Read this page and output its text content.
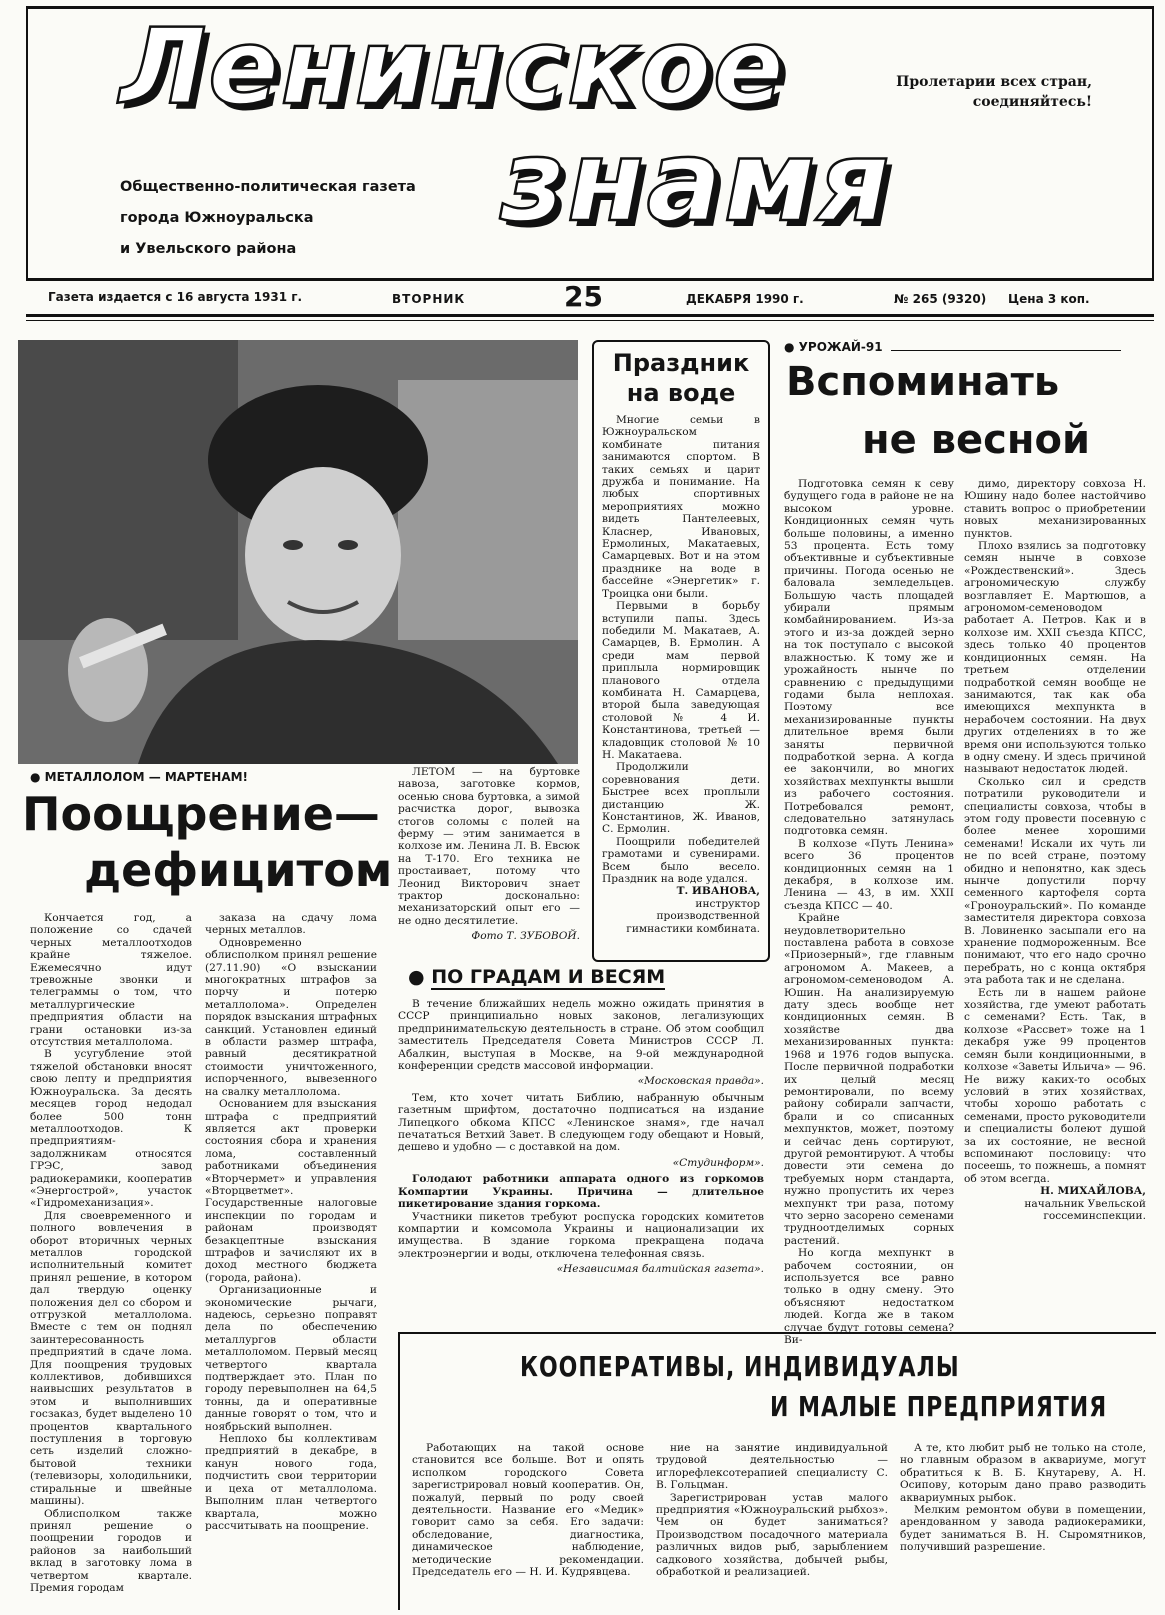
Ленинское
знамя
Пролетарии всех стран,
соединяйтесь!
Общественно-политическая газета
города Южноуральска
и Увельского района
Газета издается с 16 августа 1931 г.	ВТОРНИК	25	ДЕКАБРЯ 1990 г.	№ 265 (9320) Цена 3 коп.
● МЕТАЛЛОЛОМ — МАРТЕНАМ!
Поощрение—
дефицитом

Кончается год, а положение со сдачей черных металлоотходов крайне тяжелое. Ежемесячно идут тревожные звонки и телеграммы о том, что металлургические предприятия области на грани остановки из-за отсутствия металлолома.

В усугубление этой тяжелой обстановки вносят свою лепту и предприятия Южноуральска. За десять месяцев город недодал более 500 тонн металлоотходов. К предприятиям-задолжникам относятся ГРЭС, завод радиокерамики, кооператив «Энергострой», участок «Гидромеханизация».

Для своевременного и полного вовлечения в оборот вторичных черных металлов городской исполнительный комитет принял решение, в котором дал твердую оценку положения дел со сбором и отгрузкой металлолома. Вместе с тем он поднял заинтересованность предприятий в сдаче лома. Для поощрения трудовых коллективов, добившихся наивысших результатов в этом и выполнивших госзаказ, будет выделено 10 процентов квартального поступления в торговую сеть изделий сложно-бытовой техники (телевизоры, холодильники, стиральные и швейные машины).

Облисполком также принял решение о поощрении городов и районов за наибольший вклад в заготовку лома в четвертом квартале. Премия городам

заказа на сдачу лома черных металлов.

Одновременно облисполком принял решение (27.11.90) «О взыскании многократных штрафов за порчу и потерю металлолома». Определен порядок взыскания штрафных санкций. Установлен единый в области размер штрафа, равный десятикратной стоимости уничтоженного, испорченного, вывезенного на свалку металлолома.

Основанием для взыскания штрафа с предприятий является акт проверки состояния сбора и хранения лома, составленный работниками объединения «Вторчермет» и управления «Вторцветмет». Государственные налоговые инспекции по городам и районам производят безакцептные взыскания штрафов и зачисляют их в доход местного бюджета (города, района).

Организационные и экономические рычаги, надеюсь, серьезно поправят дела по обеспечению металлургов области металлоломом. Первый месяц четвертого квартала подтверждает это. План по городу перевыполнен на 64,5 тонны, да и оперативные данные говорят о том, что и ноябрьский выполнен.

Неплохо бы коллективам предприятий в декабре, в канун нового года, подчистить свои территории и цеха от металлолома. Выполним план четвертого квартала, можно рассчитывать на поощрение.

ЛЕТОМ — на буртовке навоза, заготовке кормов, осенью снова буртовка, а зимой расчистка дорог, вывозка стогов соломы с полей на ферму — этим занимается в колхозе им. Ленина Л. В. Евсюк на Т-170. Его техника не простаивает, потому что Леонид Викторович знает трактор досконально: механизаторский опыт его — не одно десятилетие.

Фото Т. ЗУБОВОЙ.

Праздник на воде

Многие семьи в Южноуральском комбинате питания занимаются спортом. В таких семьях и царит дружба и понимание. На любых спортивных мероприятиях можно видеть Пантелеевых, Класнер, Ивановых, Ермолиных, Макатаевых, Самарцевых. Вот и на этом празднике на воде в бассейне «Энергетик» г. Троицка они были.

Первыми в борьбу вступили папы. Здесь победили М. Макатаев, А. Самарцев, В. Ермолин. А среди мам первой приплыла нормировщик планового отдела комбината Н. Самарцева, второй была заведующая столовой № 4 И. Константинова, третьей — кладовщик столовой № 10 Н. Макатаева.

Продолжили соревнования дети. Быстрее всех проплыли дистанцию Ж. Константинов, Ж. Иванов, С. Ермолин.

Поощрили победителей грамотами и сувенирами. Всем было весело. Праздник на воде удался.

Т. ИВАНОВА,

инструктор производственной гимнастики комбината.

● ПО ГРАДАМ И ВЕСЯМ

В течение ближайших недель можно ожидать принятия в СССР принципиально новых законов, легализующих предпринимательскую деятельность в стране. Об этом сообщил заместитель Председателя Совета Министров СССР Л. Абалкин, выступая в Москве, на 9-ой международной конференции средств массовой информации.

«Московская правда».

Тем, кто хочет читать Библию, набранную обычным газетным шрифтом, достаточно подписаться на издание Липецкого обкома КПСС «Ленинское знамя», где начал печататься Ветхий Завет. В следующем году обещают и Новый, дешево и удобно — с доставкой на дом.

«Студинформ».

Голодают работники аппарата одного из горкомов Компартии Украины. Причина — длительное пикетирование здания горкома.

Участники пикетов требуют роспуска городских комитетов компартии и комсомола Украины и национализации их имущества. В здание горкома прекращена подача электроэнергии и воды, отключена телефонная связь.

«Независимая балтийская газета».

● УРОЖАЙ-91
Вспоминать
не весной

Подготовка семян к севу будущего года в районе не на высоком уровне. Кондиционных семян чуть больше половины, а именно 53 процента. Есть тому объективные и субъективные причины. Погода осенью не баловала земледельцев. Большую часть площадей убирали прямым комбайнированием. Из-за этого и из-за дождей зерно на ток поступало с высокой влажностью. К тому же и урожайность нынче по сравнению с предыдущими годами была неплохая. Поэтому все механизированные пункты длительное время были заняты первичной подработкой зерна. А когда ее закончили, во многих хозяйствах мехпункты вышли из рабочего состояния. Потребовался ремонт, следовательно затянулась подготовка семян.

В колхозе «Путь Ленина» всего 36 процентов кондиционных семян на 1 декабря, в колхозе им. Ленина — 43, в им. XXII съезда КПСС — 40.

Крайне неудовлетворительно поставлена работа в совхозе «Приозерный», где главным агрономом А. Макеев, а агрономом-семеноводом А. Юшин. На анализируемую дату здесь вообще нет кондиционных семян. В хозяйстве два механизированных пункта: 1968 и 1976 годов выпуска. После первичной подработки их целый месяц ремонтировали, по всему району собирали запчасти, брали и со списанных мехпунктов, может, поэтому и сейчас день сортируют, другой ремонтируют. А чтобы довести эти семена до требуемых норм стандарта, нужно пропустить их через мехпункт три раза, потому что зерно засорено семенами трудноотделимых сорных растений.

Но когда мехпункт в рабочем состоянии, он используется все равно только в одну смену. Это объясняют недостатком людей. Когда же в таком случае будут готовы семена? Ви-

димо, директору совхоза Н. Юшину надо более настойчиво ставить вопрос о приобретении новых механизированных пунктов.

Плохо взялись за подготовку семян нынче в совхозе «Рождественский». Здесь агрономическую службу возглавляет Е. Мартюшов, а агрономом-семеноводом работает А. Петров. Как и в колхозе им. XXII съезда КПСС, здесь только 40 процентов кондиционных семян. На третьем отделении подработкой семян вообще не занимаются, так как оба имеющихся мехпункта в нерабочем состоянии. На двух других отделениях в то же время они используются только в одну смену. И здесь причиной называют недостаток людей.

Сколько сил и средств потратили руководители и специалисты совхоза, чтобы в этом году провести посевную с более менее хорошими семенами! Искали их чуть ли не по всей стране, поэтому обидно и непонятно, как здесь нынче допустили порчу семенного картофеля сорта «Гроноуральский». По команде заместителя директора совхоза В. Ловиненко засыпали его на хранение подмороженным. Все понимают, что его надо срочно перебрать, но с конца октября эта работа так и не сделана.

Есть ли в нашем районе хозяйства, где умеют работать с семенами? Есть. Так, в колхозе «Рассвет» тоже на 1 декабря уже 99 процентов семян были кондиционными, в колхозе «Заветы Ильича» — 96. Не вижу каких-то особых условий в этих хозяйствах, чтобы хорошо работать с семенами, просто руководители и специалисты болеют душой за их состояние, не весной вспоминают пословицу: что посеешь, то пожнешь, а помнят об этом всегда.

Н. МИХАЙЛОВА,

начальник Увельской госсеминспекции.

КООПЕРАТИВЫ, ИНДИВИДУАЛЫ
И МАЛЫЕ ПРЕДПРИЯТИЯ

Работающих на такой основе становится все больше. Вот и опять исполком городского Совета зарегистрировал новый кооператив. Он, пожалуй, первый по роду своей деятельности. Название его «Медик» говорит само за себя. Его задачи: обследование, диагностика, динамическое наблюдение, методические рекомендации. Председатель его — Н. И. Кудрявцева.

ние на занятие индивидуальной трудовой деятельностью — иглорефлексотерапией специалисту С. В. Гольцман.

Зарегистрирован устав малого предприятия «Южноуральский рыбхоз». Чем он будет заниматься? Производством посадочного материала различных видов рыб, зарыблением садкового хозяйства, добычей рыбы, обработкой и реализацией.

А те, кто любит рыб не только на столе, но главным образом в аквариуме, могут обратиться к В. Б. Кнутареву, А. Н. Осипову, которым дано право разводить аквариумных рыбок.

Мелким ремонтом обуви в помещении, арендованном у завода радиокерамики, будет заниматься В. Н. Сыромятников, получивший разрешение.
